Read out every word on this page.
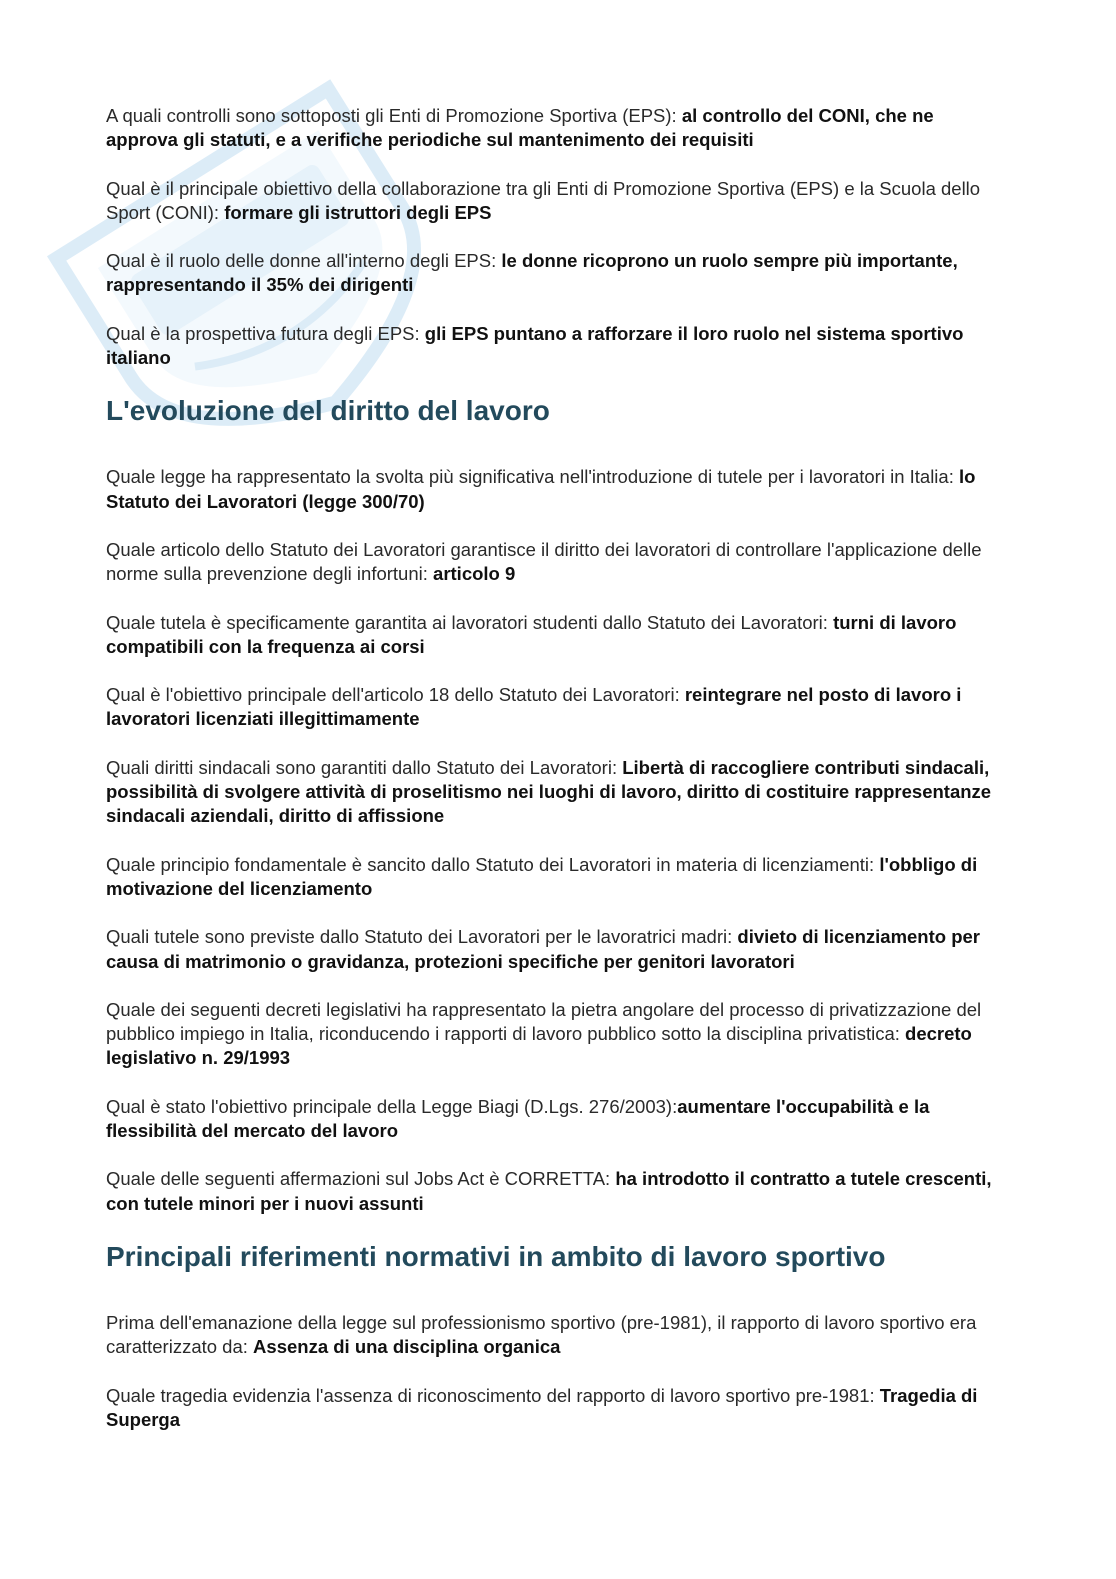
A quali controlli sono sottoposti gli Enti di Promozione Sportiva (EPS): al controllo del CONI, che ne approva gli statuti, e a verifiche periodiche sul mantenimento dei requisiti

Qual è il principale obiettivo della collaborazione tra gli Enti di Promozione Sportiva (EPS) e la Scuola dello Sport (CONI): formare gli istruttori degli EPS

Qual è il ruolo delle donne all'interno degli EPS: le donne ricoprono un ruolo sempre più importante, rappresentando il 35% dei dirigenti

Qual è la prospettiva futura degli EPS: gli EPS puntano a rafforzare il loro ruolo nel sistema sportivo italiano

L'evoluzione del diritto del lavoro

Quale legge ha rappresentato la svolta più significativa nell'introduzione di tutele per i lavoratori in Italia: lo Statuto dei Lavoratori (legge 300/70)

Quale articolo dello Statuto dei Lavoratori garantisce il diritto dei lavoratori di controllare l'applicazione delle norme sulla prevenzione degli infortuni: articolo 9

Quale tutela è specificamente garantita ai lavoratori studenti dallo Statuto dei Lavoratori: turni di lavoro compatibili con la frequenza ai corsi

Qual è l'obiettivo principale dell'articolo 18 dello Statuto dei Lavoratori: reintegrare nel posto di lavoro i lavoratori licenziati illegittimamente

Quali diritti sindacali sono garantiti dallo Statuto dei Lavoratori: Libertà di raccogliere contributi sindacali, possibilità di svolgere attività di proselitismo nei luoghi di lavoro, diritto di costituire rappresentanze sindacali aziendali, diritto di affissione

Quale principio fondamentale è sancito dallo Statuto dei Lavoratori in materia di licenziamenti: l'obbligo di motivazione del licenziamento

Quali tutele sono previste dallo Statuto dei Lavoratori per le lavoratrici madri: divieto di licenziamento per causa di matrimonio o gravidanza, protezioni specifiche per genitori lavoratori

Quale dei seguenti decreti legislativi ha rappresentato la pietra angolare del processo di privatizzazione del pubblico impiego in Italia, riconducendo i rapporti di lavoro pubblico sotto la disciplina privatistica: decreto legislativo n. 29/1993

Qual è stato l'obiettivo principale della Legge Biagi (D.Lgs. 276/2003):aumentare l'occupabilità e la flessibilità del mercato del lavoro

Quale delle seguenti affermazioni sul Jobs Act è CORRETTA: ha introdotto il contratto a tutele crescenti, con tutele minori per i nuovi assunti

Principali riferimenti normativi in ambito di lavoro sportivo

Prima dell'emanazione della legge sul professionismo sportivo (pre-1981), il rapporto di lavoro sportivo era caratterizzato da: Assenza di una disciplina organica

Quale tragedia evidenzia l'assenza di riconoscimento del rapporto di lavoro sportivo pre-1981: Tragedia di Superga
